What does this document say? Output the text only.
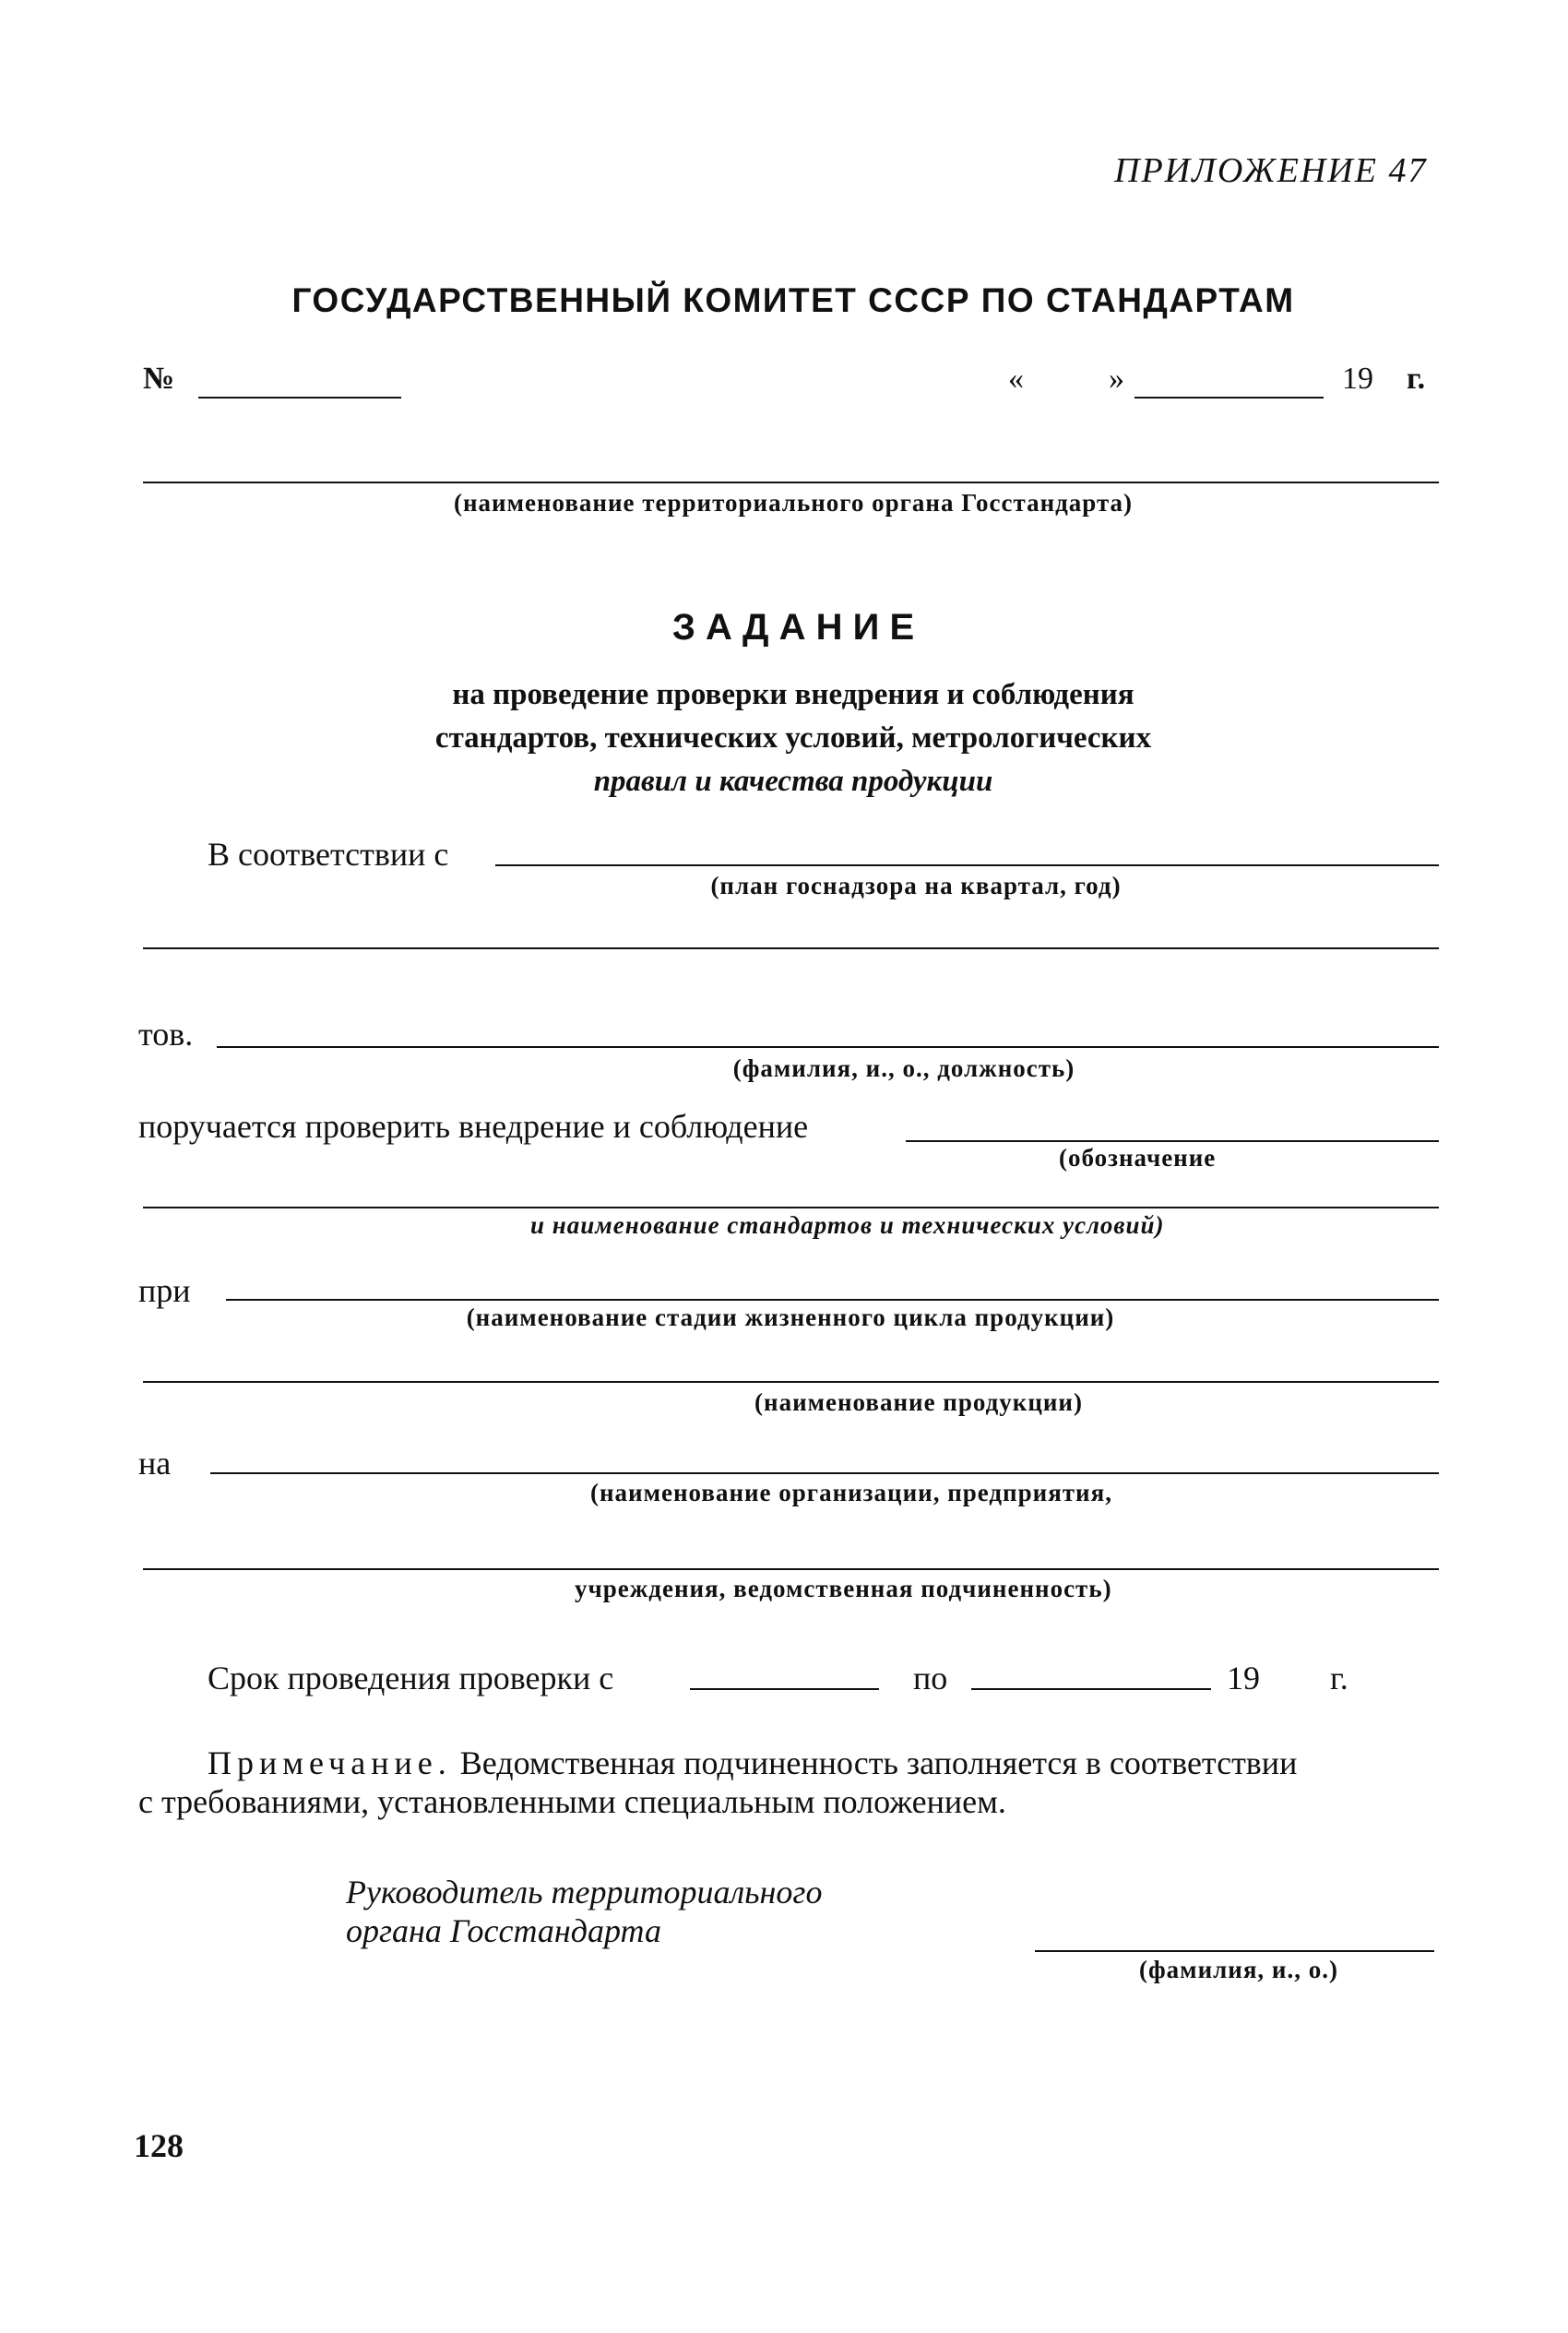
ПРИЛОЖЕНИЕ 47
ГОСУДАРСТВЕННЫЙ КОМИТЕТ СССР ПО СТАНДАРТАМ
№	«	»	19 г.
(наименование территориального органа Госстандарта)
З А Д А Н И Е
на проведение проверки внедрения и соблюдения
стандартов, технических условий, метрологических
правил и качества продукции
В соответствии с
(план госнадзора на квартал, год)
тов.
(фамилия, и., о., должность)
поручается проверить внедрение и соблюдение
(обозначение
и наименование стандартов и технических условий)
при
(наименование стадии жизненного цикла продукции)
(наименование продукции)
на
(наименование организации, предприятия,
учреждения, ведомственная подчиненность)
Срок проведения проверки с	по	19 г.
Примечание. Ведомственная подчиненность заполняется в соответствии
с требованиями, установленными специальным положением.
Руководитель территориального
органа Госстандарта
(фамилия, и., о.)
128
